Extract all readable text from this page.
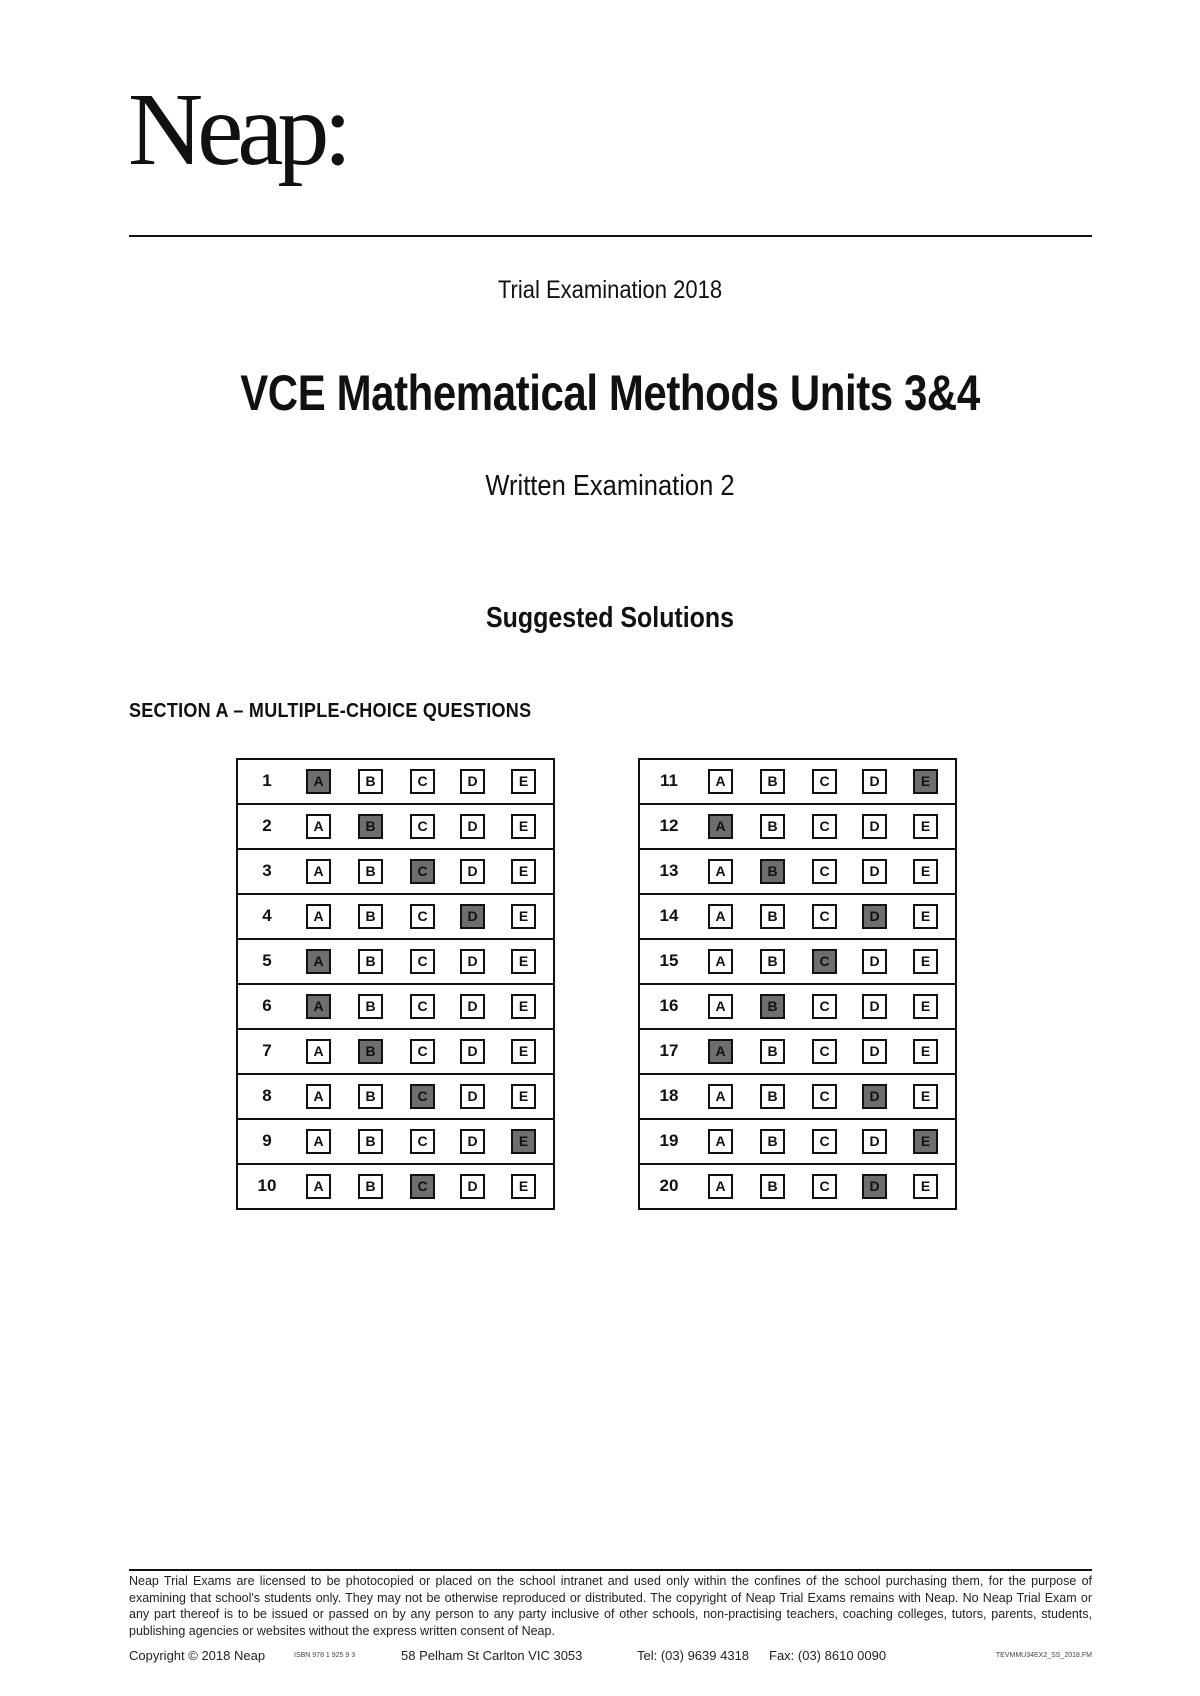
Neap:
Trial Examination 2018
VCE Mathematical Methods Units 3&4
Written Examination 2
Suggested Solutions
SECTION A – MULTIPLE-CHOICE QUESTIONS
1	A	B	C	D	E
2	A	B	C	D	E
3	A	B	C	D	E
4	A	B	C	D	E
5	A	B	C	D	E
6	A	B	C	D	E
7	A	B	C	D	E
8	A	B	C	D	E
9	A	B	C	D	E
10	A	B	C	D	E
11	A	B	C	D	E
12	A	B	C	D	E
13	A	B	C	D	E
14	A	B	C	D	E
15	A	B	C	D	E
16	A	B	C	D	E
17	A	B	C	D	E
18	A	B	C	D	E
19	A	B	C	D	E
20	A	B	C	D	E
Neap Trial Exams are licensed to be photocopied or placed on the school intranet and used only within the confines of the school purchasing them, for the purpose of examining that school's students only. They may not be otherwise reproduced or distributed. The copyright of Neap Trial Exams remains with Neap. No Neap Trial Exam or any part thereof is to be issued or passed on by any person to any party inclusive of other schools, non-practising teachers, coaching colleges, tutors, parents, students, publishing agencies or websites without the express written consent of Neap.
Copyright © 2018 Neap	ISBN 978 1 925 9 3	58 Pelham St Carlton VIC 3053	Tel: (03) 9639 4318 Fax: (03) 8610 0090	TEVMMU34EX2_SS_2018.FM
